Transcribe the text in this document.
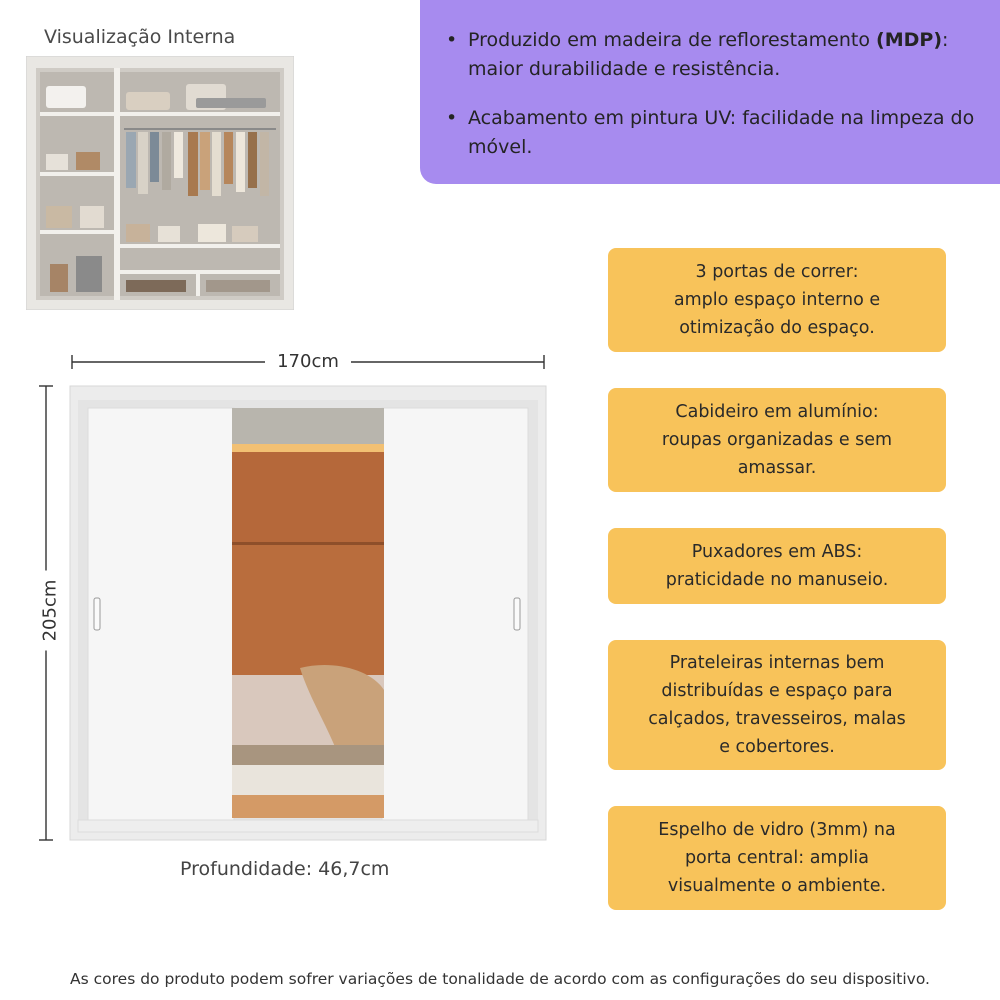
Visualização Interna	• Produzido em madeira de reflorestamento (MDP): maior durabilidade e resistência.
• Acabamento em pintura UV: facilidade na limpeza do móvel.
3 portas de correr:
amplo espaço interno e
otimização do espaço.
Cabideiro em alumínio:
roupas organizadas e sem
amassar.
Puxadores em ABS:
praticidade no manuseio.
Prateleiras internas bem
distribuídas e espaço para
calçados, travesseiros, malas
e cobertores.
Espelho de vidro (3mm) na
porta central: amplia
visualmente o ambiente.
170cm
205cm
Profundidade: 46,7cm
As cores do produto podem sofrer variações de tonalidade de acordo com as configurações do seu dispositivo.
